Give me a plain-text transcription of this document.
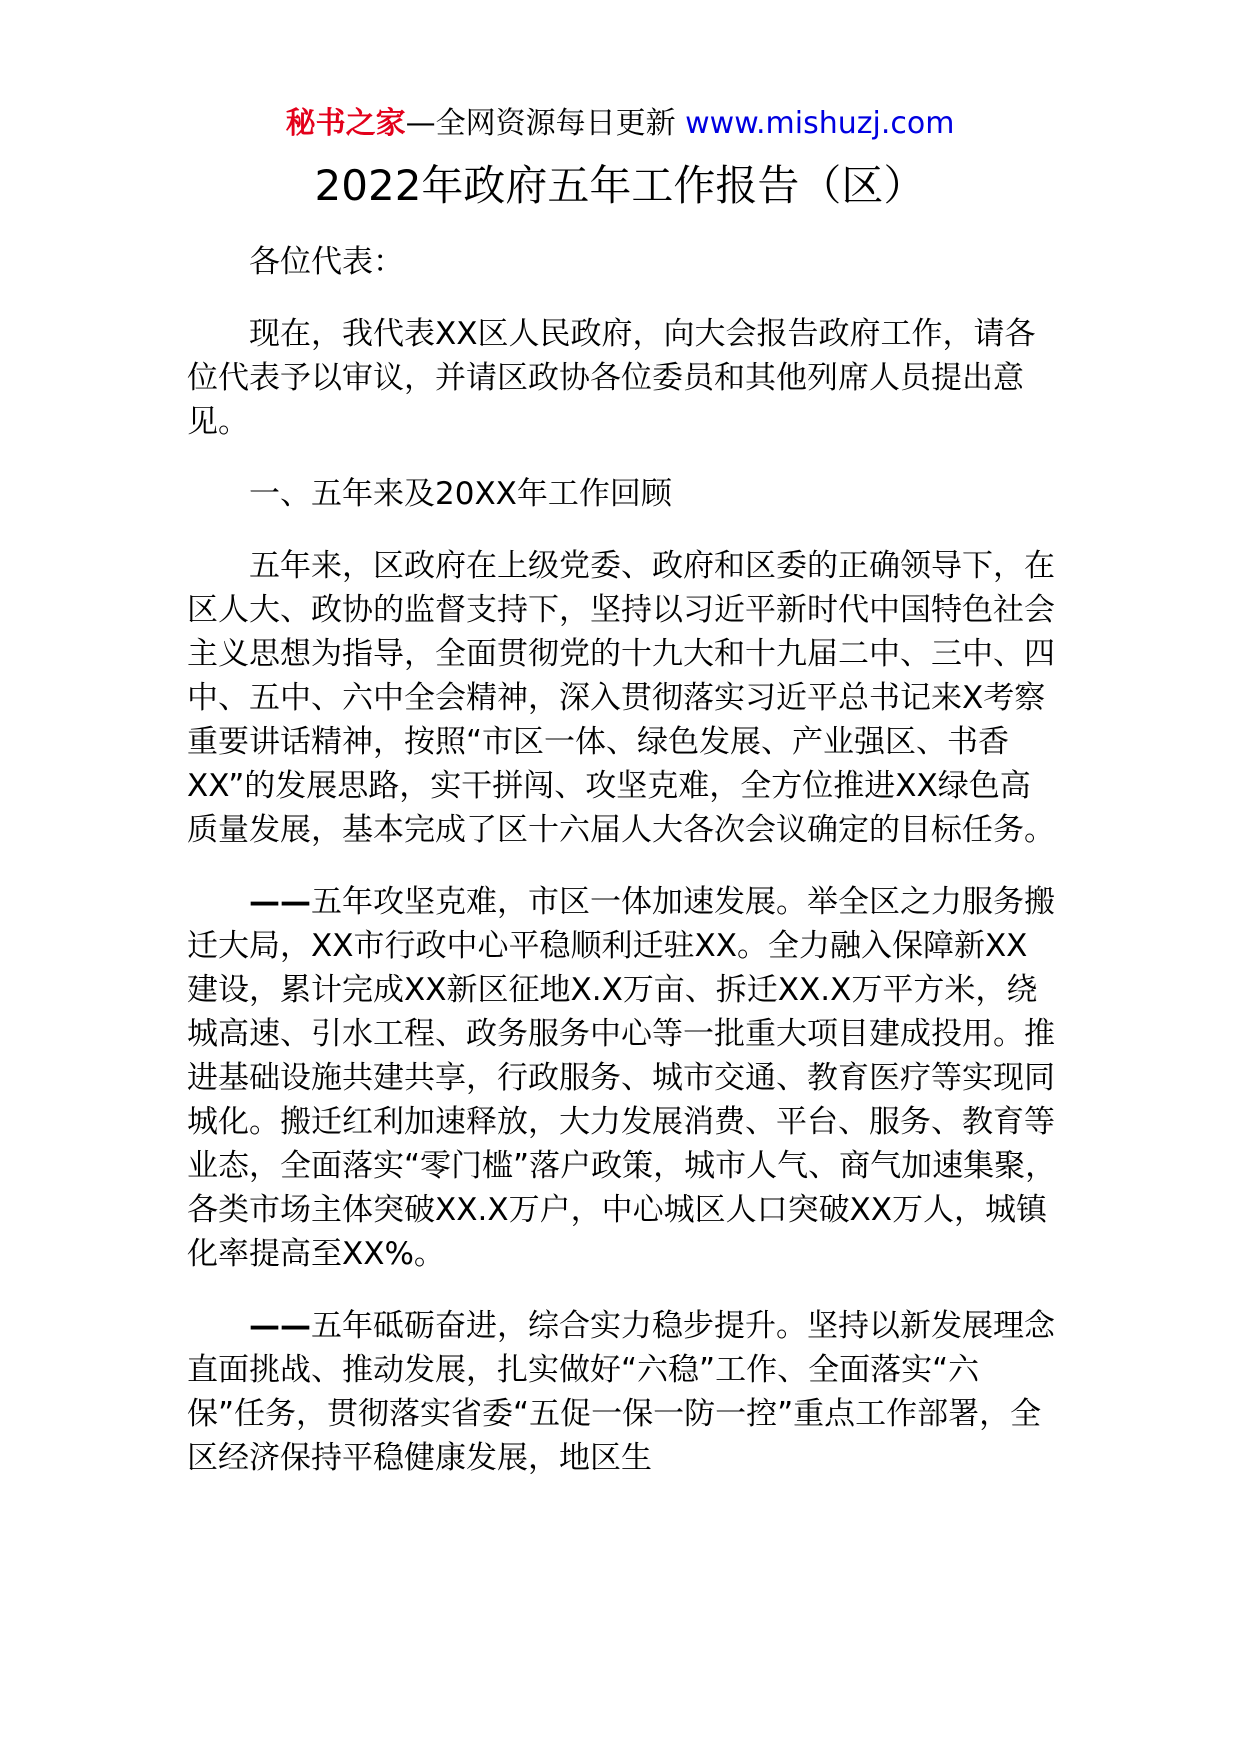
秘书之家—全网资源每日更新 www.mishuzj.com
2022年政府五年工作报告（区）

各位代表：

现在，我代表XX区人民政府，向大会报告政府工作，请各位代表予以审议，并请区政协各位委员和其他列席人员提出意见。

一、五年来及20XX年工作回顾

五年来，区政府在上级党委、政府和区委的正确领导下，在区人大、政协的监督支持下，坚持以习近平新时代中国特色社会主义思想为指导，全面贯彻党的十九大和十九届二中、三中、四中、五中、六中全会精神，深入贯彻落实习近平总书记来X考察重要讲话精神，按照“市区一体、绿色发展、产业强区、书香XX”的发展思路，实干拼闯、攻坚克难，全方位推进XX绿色高质量发展，基本完成了区十六届人大各次会议确定的目标任务。

——五年攻坚克难，市区一体加速发展。举全区之力服务搬迁大局，XX市行政中心平稳顺利迁驻XX。全力融入保障新XX建设，累计完成XX新区征地X.X万亩、拆迁XX.X万平方米，绕城高速、引水工程、政务服务中心等一批重大项目建成投用。推进基础设施共建共享，行政服务、城市交通、教育医疗等实现同城化。搬迁红利加速释放，大力发展消费、平台、服务、教育等业态，全面落实“零门槛”落户政策，城市人气、商气加速集聚，各类市场主体突破XX.X万户，中心城区人口突破XX万人，城镇化率提高至XX%。

——五年砥砺奋进，综合实力稳步提升。坚持以新发展理念直面挑战、推动发展，扎实做好“六稳”工作、全面落实“六保”任务，贯彻落实省委“五促一保一防一控”重点工作部署，全区经济保持平稳健康发展，地区生
